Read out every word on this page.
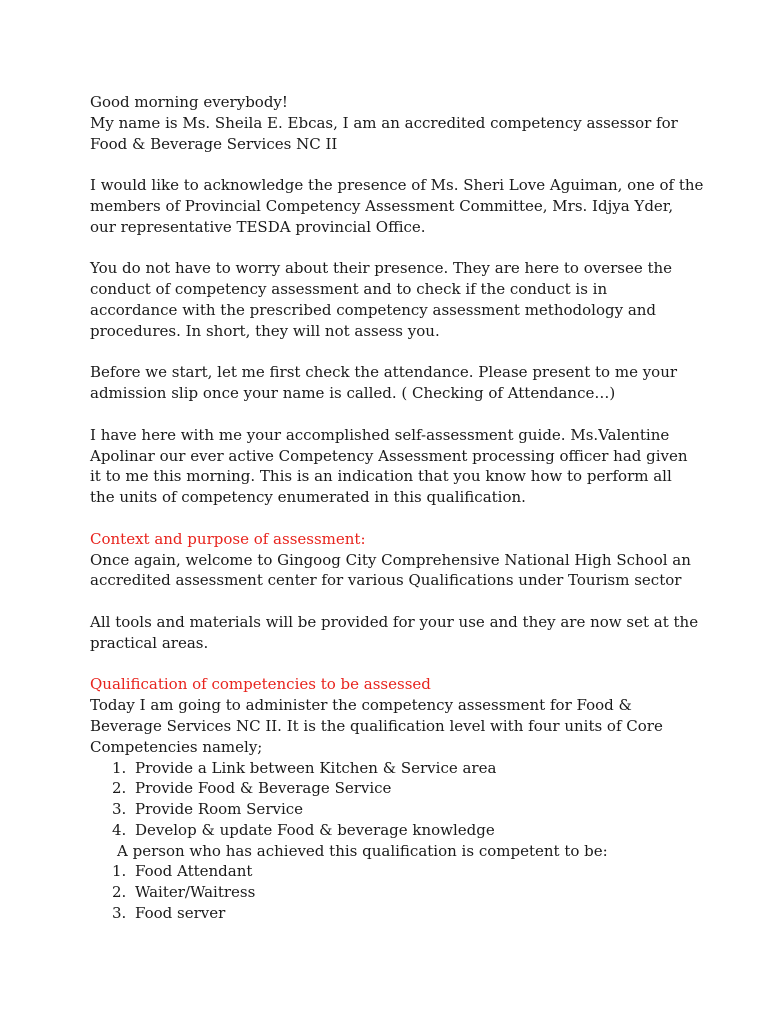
Good morning everybody!
My name is Ms. Sheila E. Ebcas, I am an accredited competency assessor for
Food & Beverage Services NC II

I would like to acknowledge the presence of Ms. Sheri Love Aguiman, one of the
members of Provincial Competency Assessment Committee, Mrs. Idjya Yder,
our representative TESDA provincial Office.

You do not have to worry about their presence. They are here to oversee the
conduct of competency assessment and to check if the conduct is in
accordance with the prescribed competency assessment methodology and
procedures. In short, they will not assess you.

Before we start, let me first check the attendance. Please present to me your
admission slip once your name is called. ( Checking of Attendance…)

I have here with me your accomplished self-assessment guide. Ms.Valentine
Apolinar our ever active Competency Assessment processing officer had given
it to me this morning. This is an indication that you know how to perform all
the units of competency enumerated in this qualification.

Context and purpose of assessment:
Once again, welcome to Gingoog City Comprehensive National High School an
accredited assessment center for various Qualifications under Tourism sector

All tools and materials will be provided for your use and they are now set at the
practical areas.

Qualification of competencies to be assessed
Today I am going to administer the competency assessment for Food &
Beverage Services NC II. It is the qualification level with four units of Core
Competencies namely;
1. Provide a Link between Kitchen & Service area
2. Provide Food & Beverage Service
3. Provide Room Service
4. Develop & update Food & beverage knowledge
A person who has achieved this qualification is competent to be:
1. Food Attendant
2. Waiter/Waitress
3. Food server
